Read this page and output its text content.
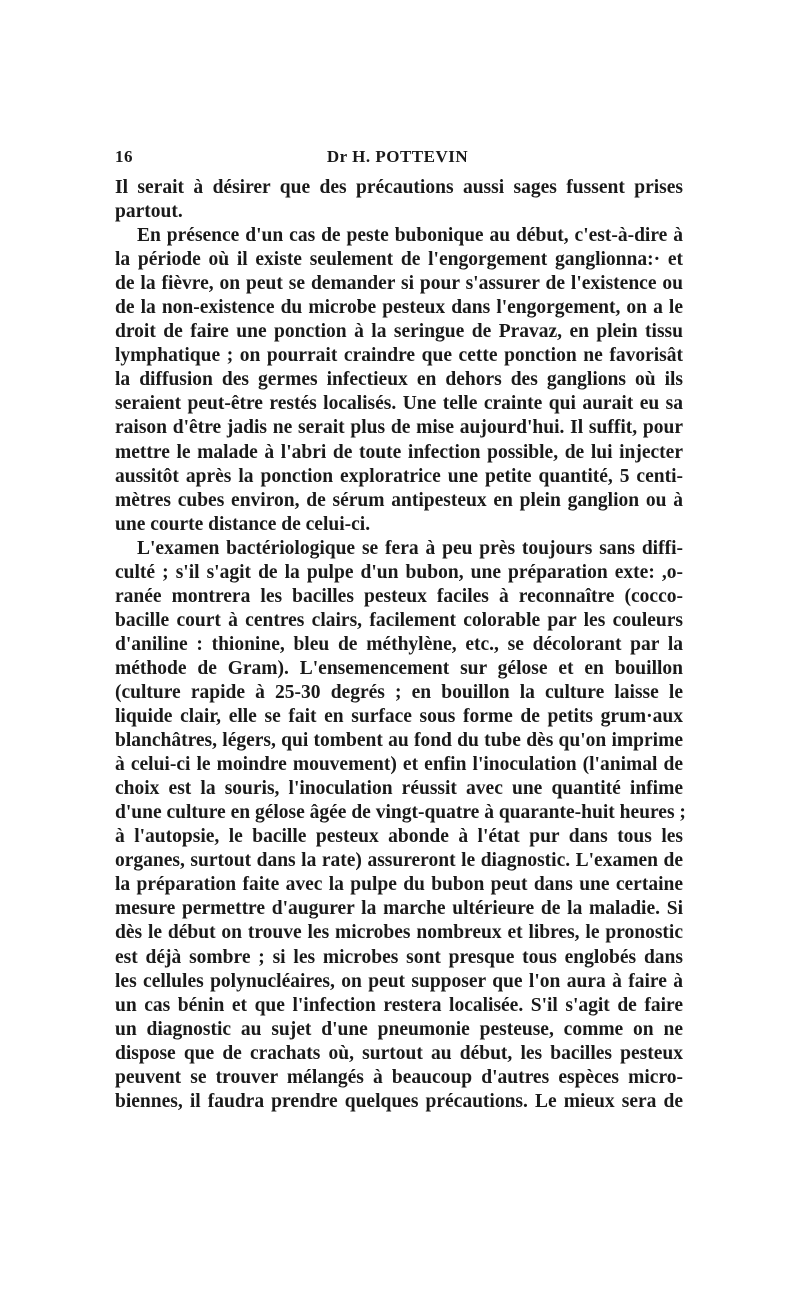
16	Dr H. POTTEVIN
Il serait à désirer que des précautions aussi sages fussent prises
partout.
En présence d'un cas de peste bubonique au début, c'est-à-dire à
la période où il existe seulement de l'engorgement ganglionna:· et
de la fièvre, on peut se demander si pour s'assurer de l'existence ou
de la non-existence du microbe pesteux dans l'engorgement, on a le
droit de faire une ponction à la seringue de Pravaz, en plein tissu
lymphatique ; on pourrait craindre que cette ponction ne favorisât
la diffusion des germes infectieux en dehors des ganglions où ils
seraient peut-être restés localisés. Une telle crainte qui aurait eu sa
raison d'être jadis ne serait plus de mise aujourd'hui. Il suffit, pour
mettre le malade à l'abri de toute infection possible, de lui injecter
aussitôt après la ponction exploratrice une petite quantité, 5 centi-
mètres cubes environ, de sérum antipesteux en plein ganglion ou à
une courte distance de celui-ci.
L'examen bactériologique se fera à peu près toujours sans diffi-
culté ; s'il s'agit de la pulpe d'un bubon, une préparation exte: ,o-
ranée montrera les bacilles pesteux faciles à reconnaître (cocco-
bacille court à centres clairs, facilement colorable par les couleurs
d'aniline : thionine, bleu de méthylène, etc., se décolorant par la
méthode de Gram). L'ensemencement sur gélose et en bouillon
(culture rapide à 25-30 degrés ; en bouillon la culture laisse le
liquide clair, elle se fait en surface sous forme de petits grum·aux
blanchâtres, légers, qui tombent au fond du tube dès qu'on imprime
à celui-ci le moindre mouvement) et enfin l'inoculation (l'animal de
choix est la souris, l'inoculation réussit avec une quantité infime
d'une culture en gélose âgée de vingt-quatre à quarante-huit heures ;
à l'autopsie, le bacille pesteux abonde à l'état pur dans tous les
organes, surtout dans la rate) assureront le diagnostic. L'examen de
la préparation faite avec la pulpe du bubon peut dans une certaine
mesure permettre d'augurer la marche ultérieure de la maladie. Si
dès le début on trouve les microbes nombreux et libres, le pronostic
est déjà sombre ; si les microbes sont presque tous englobés dans
les cellules polynucléaires, on peut supposer que l'on aura à faire à
un cas bénin et que l'infection restera localisée. S'il s'agit de faire
un diagnostic au sujet d'une pneumonie pesteuse, comme on ne
dispose que de crachats où, surtout au début, les bacilles pesteux
peuvent se trouver mélangés à beaucoup d'autres espèces micro-
biennes, il faudra prendre quelques précautions. Le mieux sera de
